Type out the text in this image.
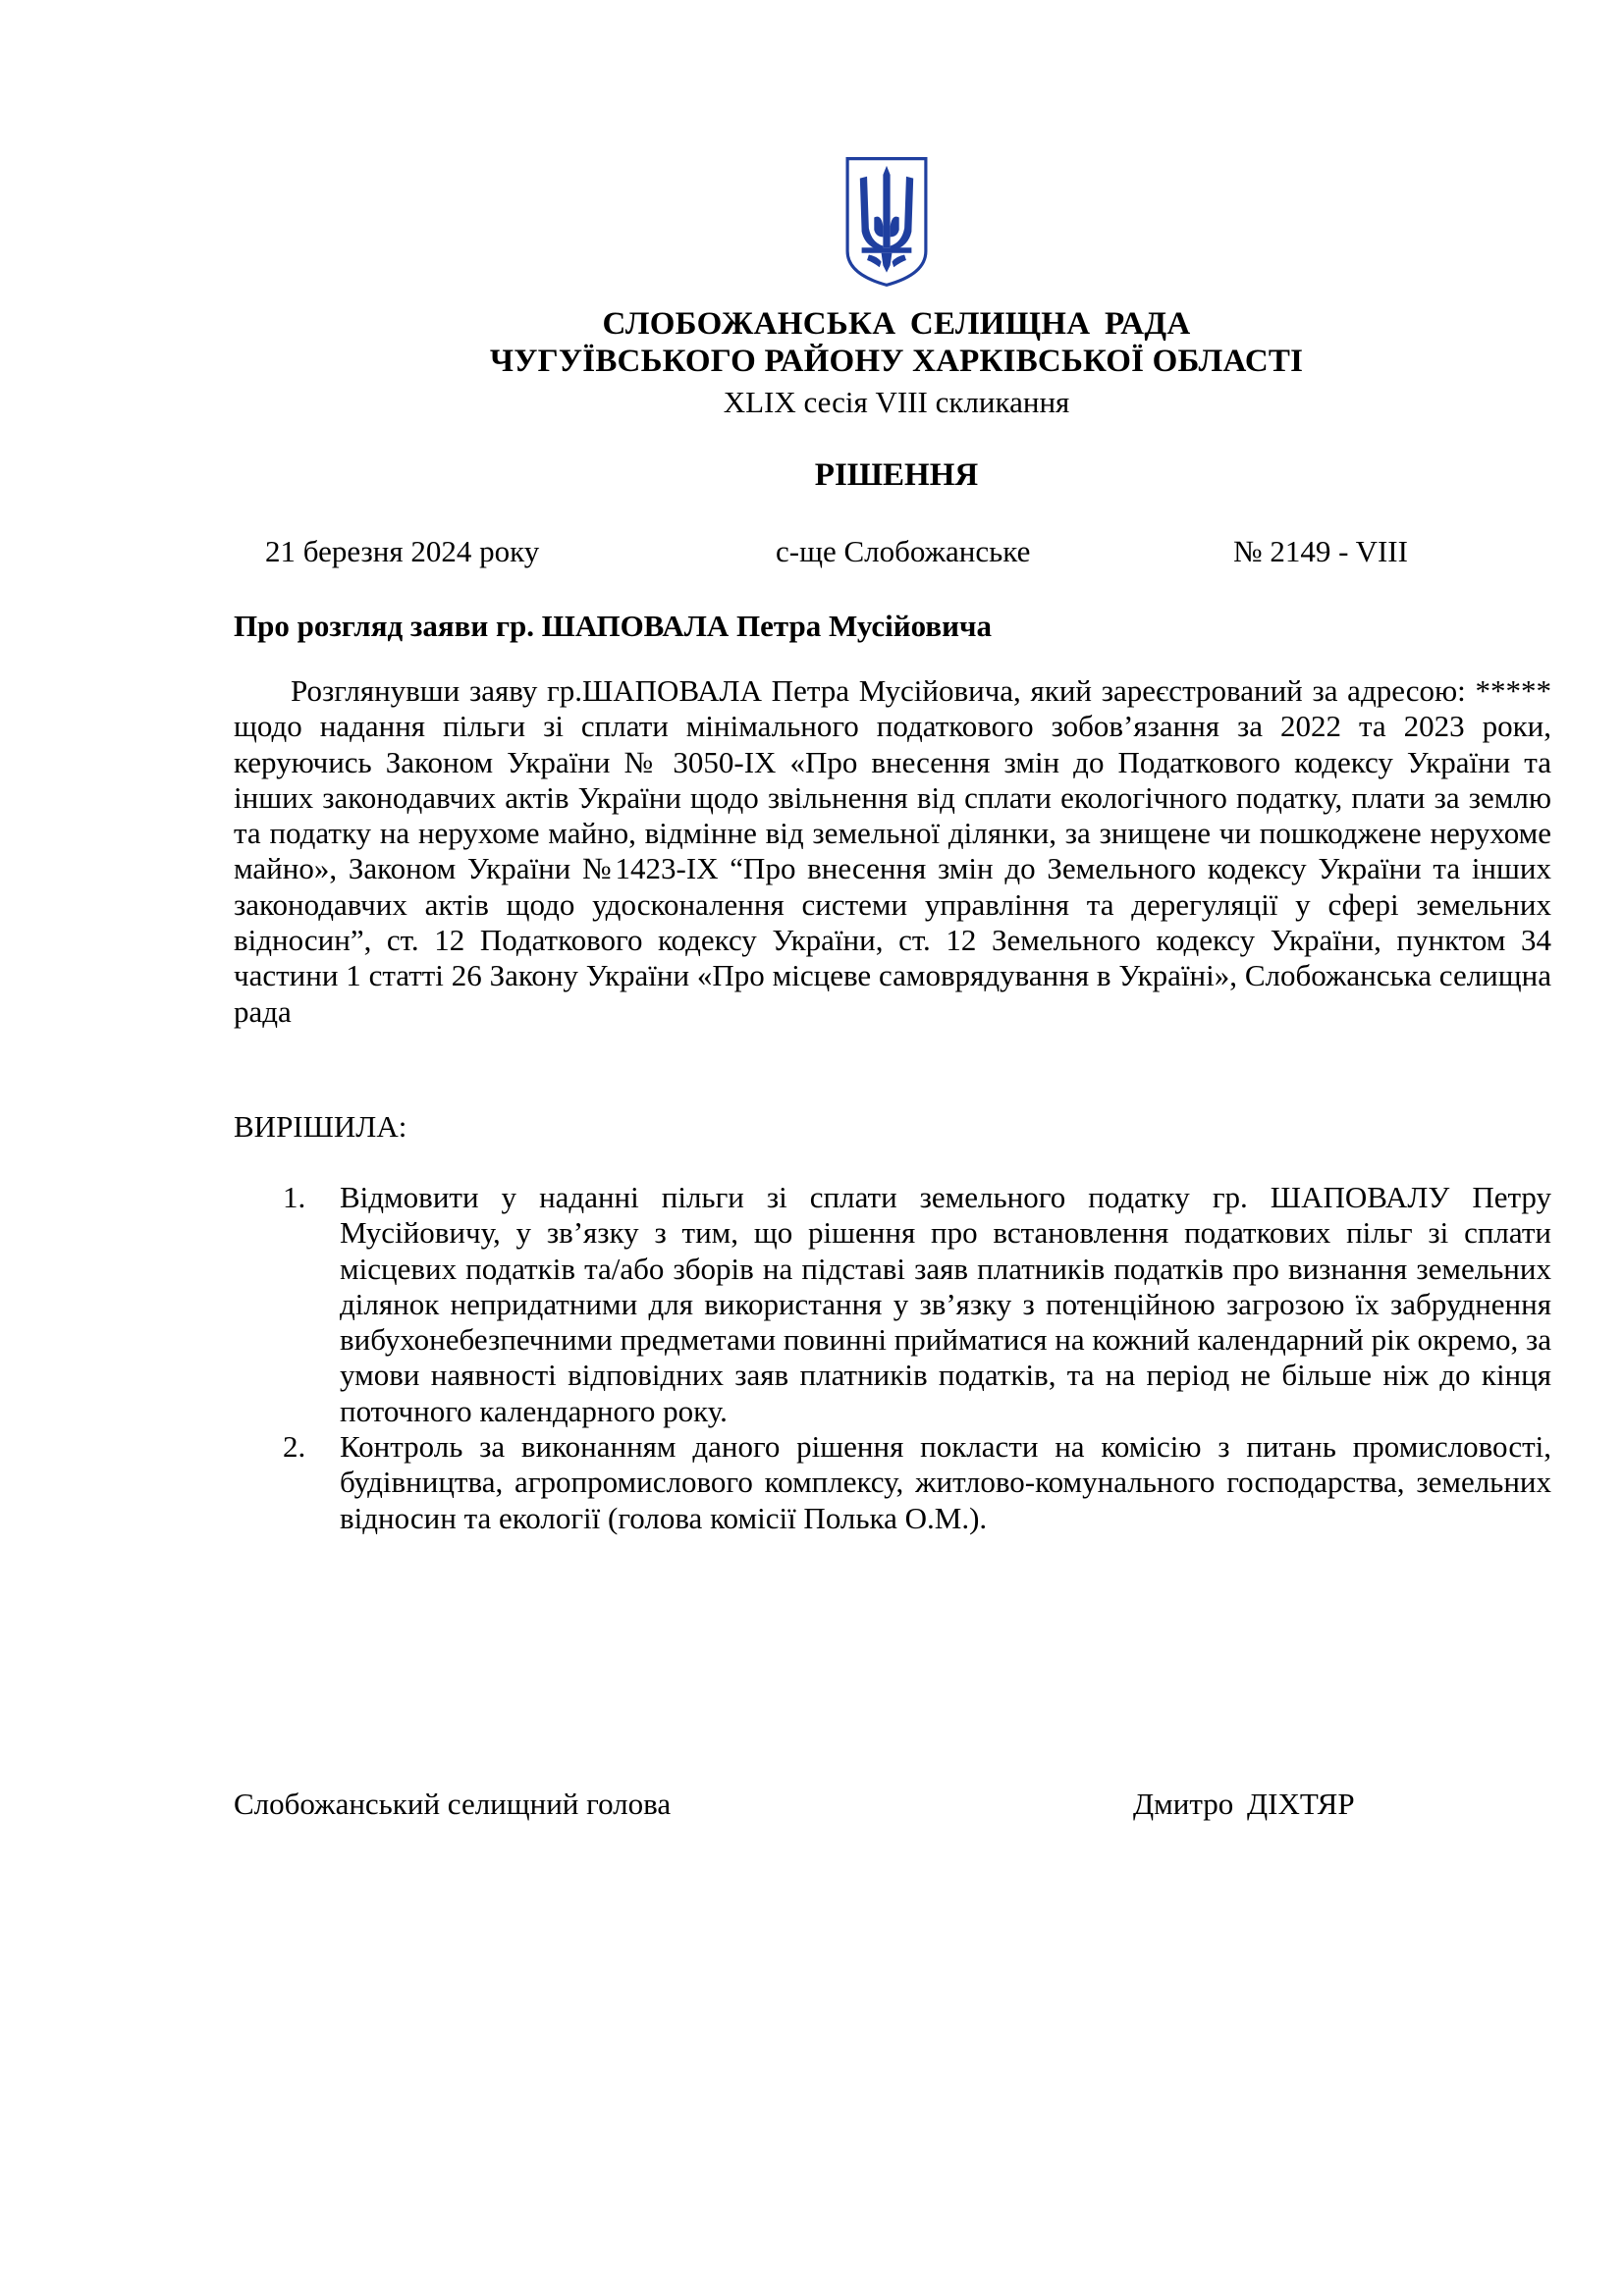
СЛОБОЖАНСЬКА СЕЛИЩНА РАДА
ЧУГУЇВСЬКОГО РАЙОНУ ХАРКІВСЬКОЇ ОБЛАСТІ
XLIX сесія VIII скликання
РІШЕННЯ
21 березня 2024 року	с-ще Слобожанське	№ 2149 - VIII
Про розгляд заяви гр. ШАПОВАЛА Петра Мусійовича

Розглянувши заяву гр.ШАПОВАЛА Петра Мусійовича, який зареєстрований за адресою: ***** щодо надання пільги зі сплати мінімального податкового зобов’язання за 2022 та 2023 роки, керуючись Законом України № 3050-IX «Про внесення змін до Податкового кодексу України та інших законодавчих актів України щодо звільнення від сплати екологічного податку, плати за землю та податку на нерухоме майно, відмінне від земельної ділянки, за знищене чи пошкоджене нерухоме майно», Законом України №1423-IX “Про внесення змін до Земельного кодексу України та інших законодавчих актів щодо удосконалення системи управління та дерегуляції у сфері земельних відносин”, ст. 12 Податкового кодексу України, ст. 12 Земельного кодексу України, пунктом 34 частини 1 статті 26 Закону України «Про місцеве самоврядування в Україні», Слобожанська селищна рада

ВИРІШИЛА:
1. Відмовити у наданні пільги зі сплати земельного податку гр. ШАПОВАЛУ Петру Мусійовичу, у зв’язку з тим, що рішення про встановлення податкових пільг зі сплати місцевих податків та/або зборів на підставі заяв платників податків про визнання земельних ділянок непридатними для використання у зв’язку з потенційною загрозою їх забруднення вибухонебезпечними предметами повинні прийматися на кожний календарний рік окремо, за умови наявності відповідних заяв платників податків, та на період не більше ніж до кінця поточного календарного року.
2. Контроль за виконанням даного рішення покласти на комісію з питань промисловості, будівництва, агропромислового комплексу, житлово-комунального господарства, земельних відносин та екології (голова комісії Полька О.М.).
Слобожанський селищний голова	Дмитро ДІХТЯР
